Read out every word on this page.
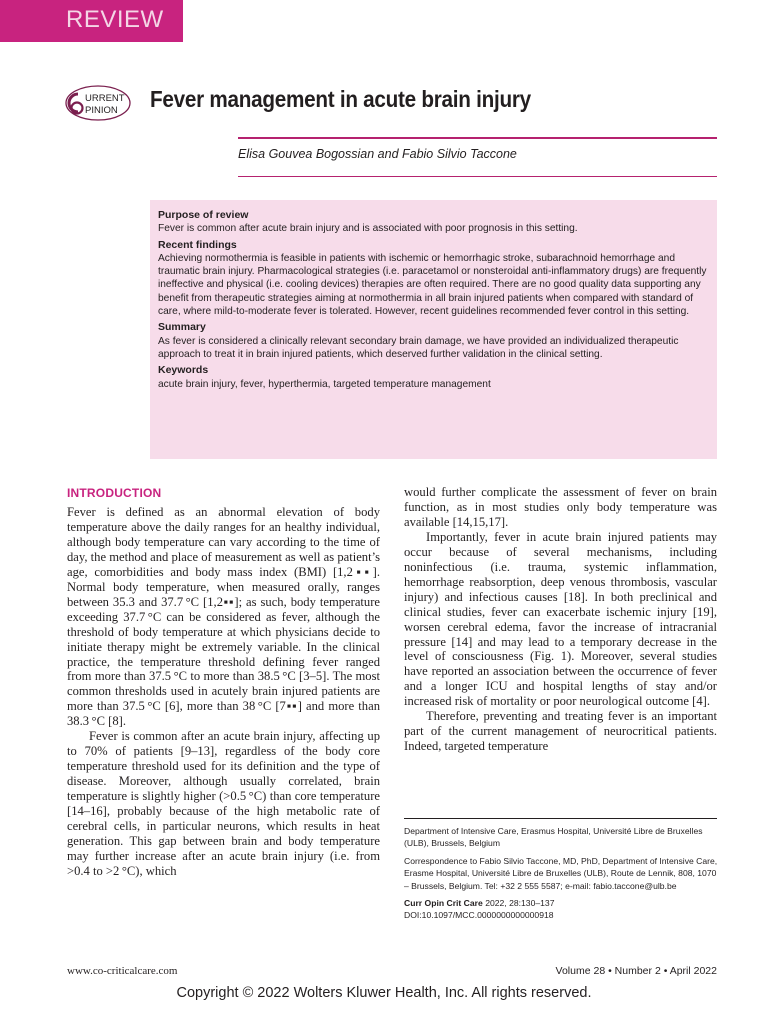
REVIEW
URRENT
PINION Fever management in acute brain injury
Elisa Gouvea Bogossian and Fabio Silvio Taccone
Purpose of review

Fever is common after acute brain injury and is associated with poor prognosis in this setting.

Recent findings

Achieving normothermia is feasible in patients with ischemic or hemorrhagic stroke, subarachnoid hemorrhage and traumatic brain injury. Pharmacological strategies (i.e. paracetamol or nonsteroidal anti-inflammatory drugs) are frequently ineffective and physical (i.e. cooling devices) therapies are often required. There are no good quality data supporting any benefit from therapeutic strategies aiming at normothermia in all brain injured patients when compared with standard of care, where mild-to-moderate fever is tolerated. However, recent guidelines recommended fever control in this setting.

Summary

As fever is considered a clinically relevant secondary brain damage, we have provided an individualized therapeutic approach to treat it in brain injured patients, which deserved further validation in the clinical setting.

Keywords

acute brain injury, fever, hyperthermia, targeted temperature management

INTRODUCTION

Fever is defined as an abnormal elevation of body temperature above the daily ranges for an healthy individual, although body temperature can vary according to the time of day, the method and place of measurement as well as patient’s age, comorbidities and body mass index (BMI) [1,2▪▪]. Normal body temperature, when measured orally, ranges between 35.3 and 37.7 °C [1,2▪▪]; as such, body temperature exceeding 37.7 °C can be considered as fever, although the threshold of body temperature at which physicians decide to initiate therapy might be extremely variable. In the clinical practice, the temperature threshold defining fever ranged from more than 37.5 °C to more than 38.5 °C [3–5]. The most common thresholds used in acutely brain injured patients are more than 37.5 °C [6], more than 38 °C [7▪▪] and more than 38.3 °C [8].

Fever is common after an acute brain injury, affecting up to 70% of patients [9–13], regardless of the body core temperature threshold used for its definition and the type of disease. Moreover, although usually correlated, brain temperature is slightly higher (>0.5 °C) than core temperature [14–16], probably because of the high metabolic rate of cerebral cells, in particular neurons, which results in heat generation. This gap between brain and body temperature may further increase after an acute brain injury (i.e. from >0.4 to >2 °C), which

would further complicate the assessment of fever on brain function, as in most studies only body temperature was available [14,15,17].

Importantly, fever in acute brain injured patients may occur because of several mechanisms, including noninfectious (i.e. trauma, systemic inflammation, hemorrhage reabsorption, deep venous thrombosis, vascular injury) and infectious causes [18]. In both preclinical and clinical studies, fever can exacerbate ischemic injury [19], worsen cerebral edema, favor the increase of intracranial pressure [14] and may lead to a temporary decrease in the level of consciousness (Fig. 1). Moreover, several studies have reported an association between the occurrence of fever and a longer ICU and hospital lengths of stay and/or increased risk of mortality or poor neurological outcome [4].

Therefore, preventing and treating fever is an important part of the current management of neurocritical patients. Indeed, targeted temperature

Department of Intensive Care, Erasmus Hospital, Université Libre de Bruxelles (ULB), Brussels, Belgium

Correspondence to Fabio Silvio Taccone, MD, PhD, Department of Intensive Care, Erasme Hospital, Université Libre de Bruxelles (ULB), Route de Lennik, 808, 1070 – Brussels, Belgium. Tel: +32 2 555 5587; e-mail: fabio.taccone@ulb.be

Curr Opin Crit Care 2022, 28:130–137

DOI:10.1097/MCC.0000000000000918

www.co-criticalcare.com	Volume 28 • Number 2 • April 2022
Copyright © 2022 Wolters Kluwer Health, Inc. All rights reserved.
